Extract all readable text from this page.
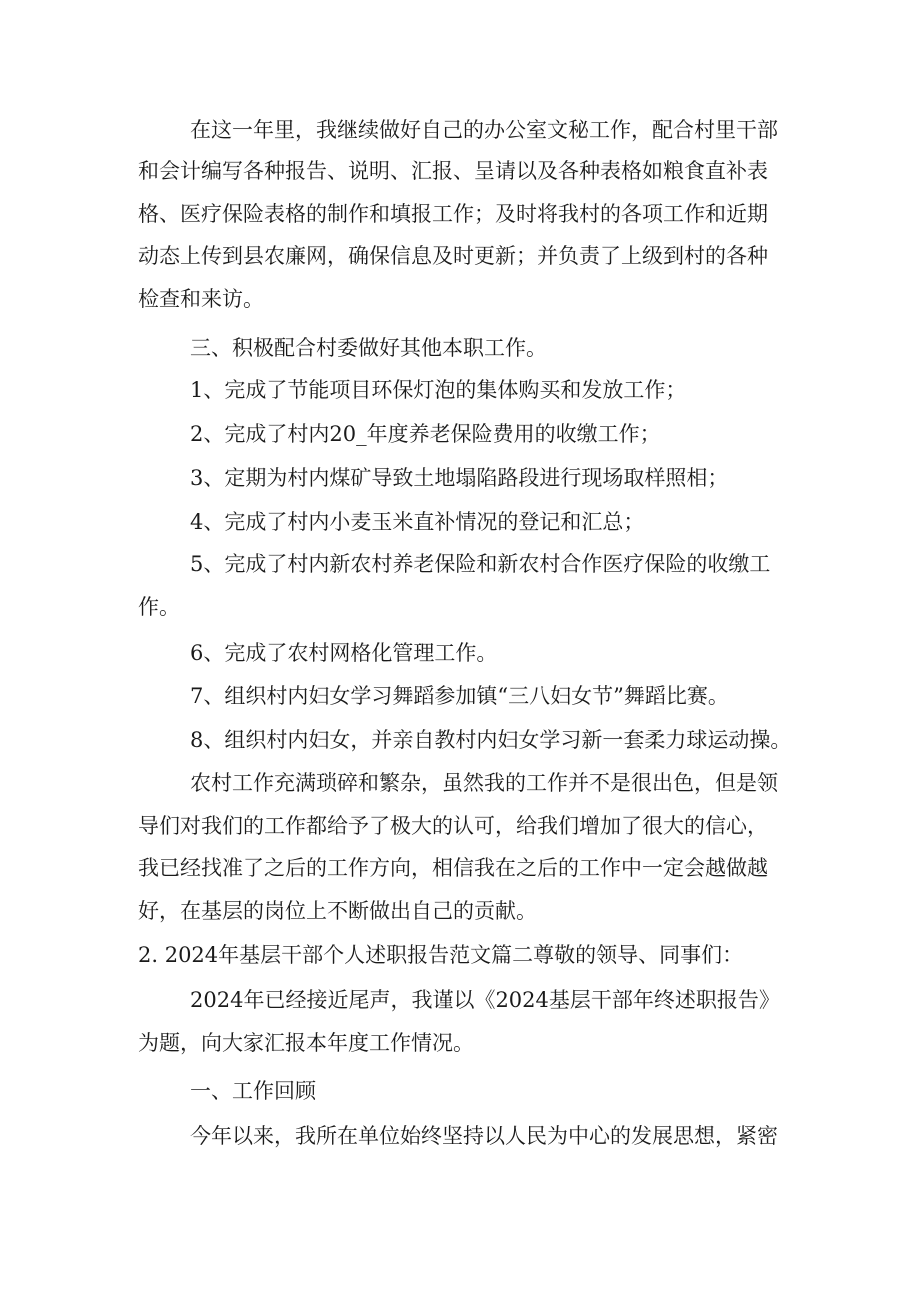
在这一年里，我继续做好自己的办公室文秘工作，配合村里干部

和会计编写各种报告、说明、汇报、呈请以及各种表格如粮食直补表

格、医疗保险表格的制作和填报工作；及时将我村的各项工作和近期

动态上传到县农廉网，确保信息及时更新；并负责了上级到村的各种

检查和来访。

三、积极配合村委做好其他本职工作。

1、完成了节能项目环保灯泡的集体购买和发放工作；

2、完成了村内20_年度养老保险费用的收缴工作；

3、定期为村内煤矿导致土地塌陷路段进行现场取样照相；

4、完成了村内小麦玉米直补情况的登记和汇总；

5、完成了村内新农村养老保险和新农村合作医疗保险的收缴工

作。

6、完成了农村网格化管理工作。

7、组织村内妇女学习舞蹈参加镇“三八妇女节”舞蹈比赛。

8、组织村内妇女，并亲自教村内妇女学习新一套柔力球运动操。

农村工作充满琐碎和繁杂，虽然我的工作并不是很出色，但是领

导们对我们的工作都给予了极大的认可，给我们增加了很大的信心，

我已经找准了之后的工作方向，相信我在之后的工作中一定会越做越

好，在基层的岗位上不断做出自己的贡献。

2. 2024年基层干部个人述职报告范文篇二尊敬的领导、同事们：

2024年已经接近尾声，我谨以《2024基层干部年终述职报告》

为题，向大家汇报本年度工作情况。

一、工作回顾

今年以来，我所在单位始终坚持以人民为中心的发展思想，紧密
